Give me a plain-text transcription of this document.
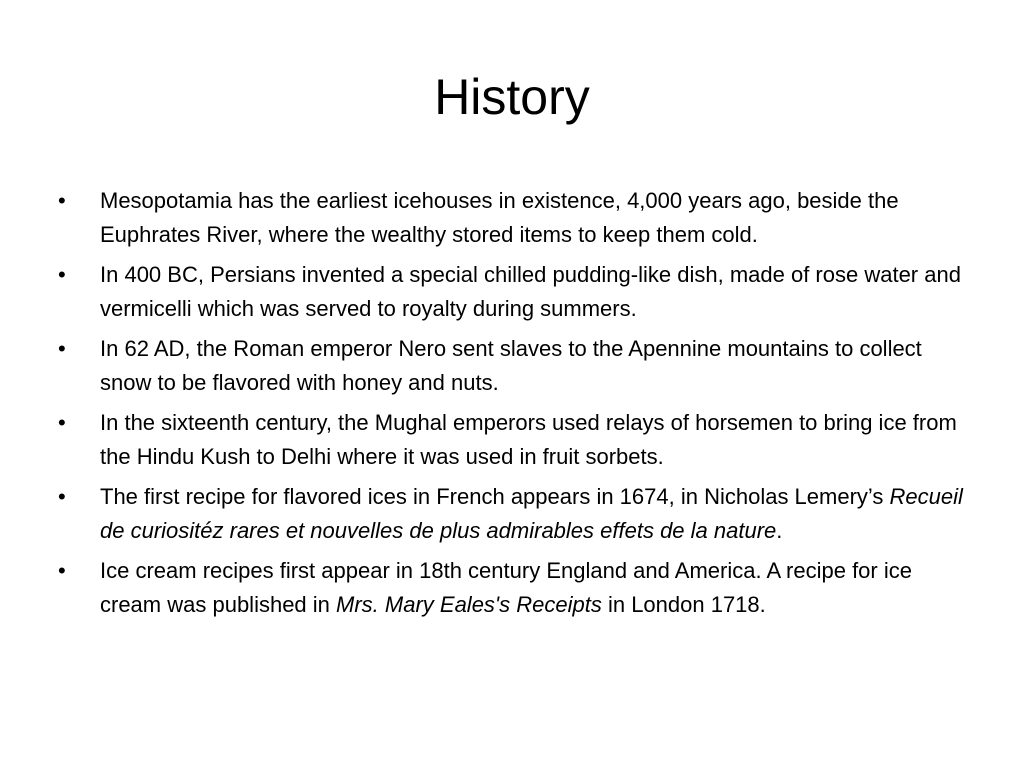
History
•	Mesopotamia has the earliest icehouses in existence, 4,000 years ago, beside the Euphrates River, where the wealthy stored items to keep them cold.
•	In 400 BC, Persians invented a special chilled pudding-like dish, made of rose water and vermicelli which was served to royalty during summers.
•	In 62 AD, the Roman emperor Nero sent slaves to the Apennine mountains to collect snow to be flavored with honey and nuts.
•	In the sixteenth century, the Mughal emperors used relays of horsemen to bring ice from the Hindu Kush to Delhi where it was used in fruit sorbets.
•	The first recipe for flavored ices in French appears in 1674, in Nicholas Lemery’s Recueil de curiositéz rares et nouvelles de plus admirables effets de la nature.
•	Ice cream recipes first appear in 18th century England and America. A recipe for ice cream was published in Mrs. Mary Eales's Receipts in London 1718.
